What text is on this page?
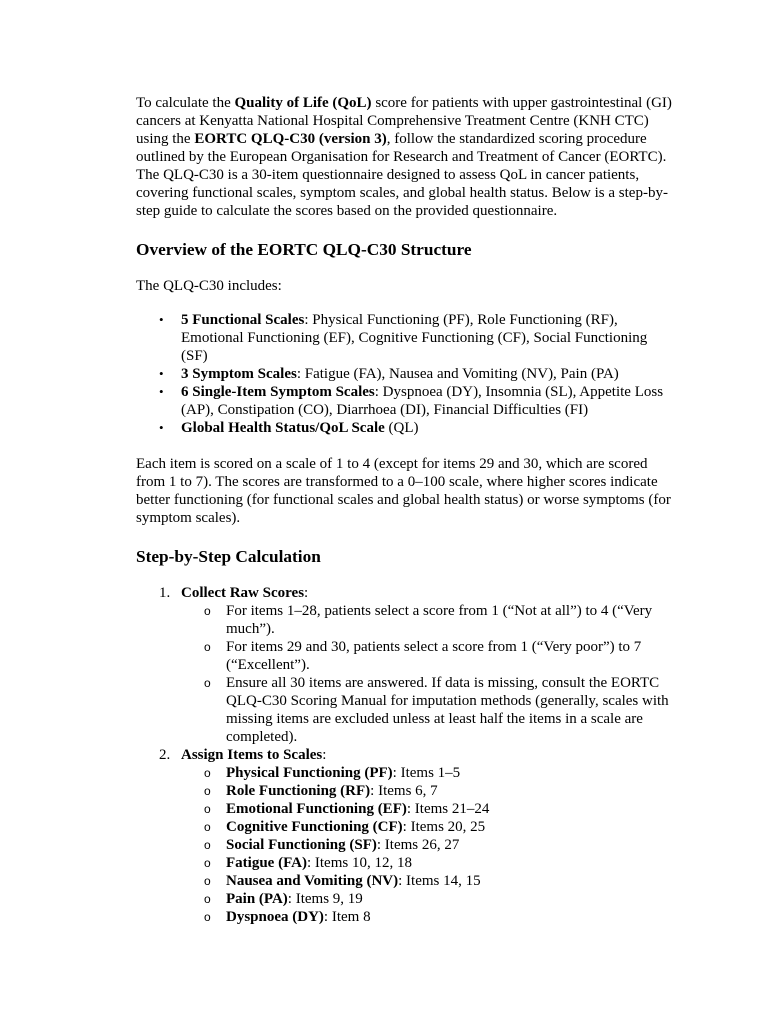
To calculate the Quality of Life (QoL) score for patients with upper gastrointestinal (GI) cancers at Kenyatta National Hospital Comprehensive Treatment Centre (KNH CTC) using the EORTC QLQ-C30 (version 3), follow the standardized scoring procedure outlined by the European Organisation for Research and Treatment of Cancer (EORTC). The QLQ-C30 is a 30-item questionnaire designed to assess QoL in cancer patients, covering functional scales, symptom scales, and global health status. Below is a step-by-step guide to calculate the scores based on the provided questionnaire.

Overview of the EORTC QLQ-C30 Structure

The QLQ-C30 includes:

• 5 Functional Scales: Physical Functioning (PF), Role Functioning (RF), Emotional Functioning (EF), Cognitive Functioning (CF), Social Functioning (SF)
• 3 Symptom Scales: Fatigue (FA), Nausea and Vomiting (NV), Pain (PA)
• 6 Single-Item Symptom Scales: Dyspnoea (DY), Insomnia (SL), Appetite Loss (AP), Constipation (CO), Diarrhoea (DI), Financial Difficulties (FI)
• Global Health Status/QoL Scale (QL)

Each item is scored on a scale of 1 to 4 (except for items 29 and 30, which are scored from 1 to 7). The scores are transformed to a 0–100 scale, where higher scores indicate better functioning (for functional scales and global health status) or worse symptoms (for symptom scales).

Step-by-Step Calculation
1. Collect Raw Scores:
o For items 1–28, patients select a score from 1 (“Not at all”) to 4 (“Very much”).
o For items 29 and 30, patients select a score from 1 (“Very poor”) to 7 (“Excellent”).
o Ensure all 30 items are answered. If data is missing, consult the EORTC QLQ-C30 Scoring Manual for imputation methods (generally, scales with missing items are excluded unless at least half the items in a scale are completed).
2. Assign Items to Scales:
o Physical Functioning (PF): Items 1–5
o Role Functioning (RF): Items 6, 7
o Emotional Functioning (EF): Items 21–24
o Cognitive Functioning (CF): Items 20, 25
o Social Functioning (SF): Items 26, 27
o Fatigue (FA): Items 10, 12, 18
o Nausea and Vomiting (NV): Items 14, 15
o Pain (PA): Items 9, 19
o Dyspnoea (DY): Item 8
